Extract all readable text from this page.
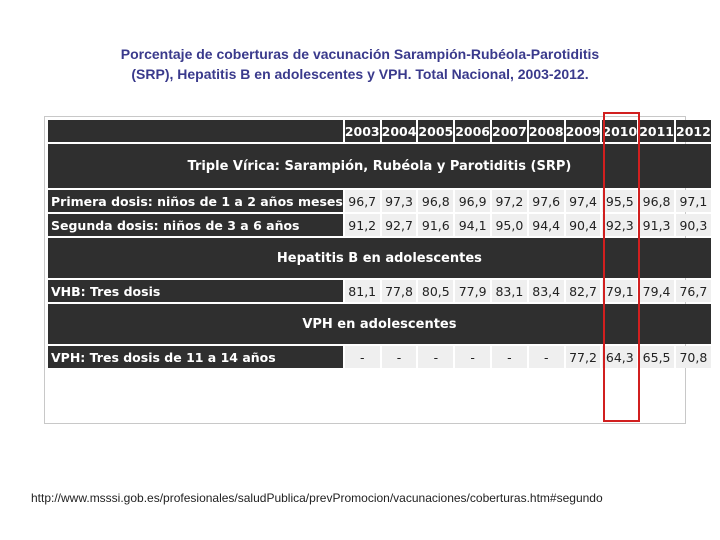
Porcentaje de coberturas de vacunación Sarampión-Rubéola-Parotiditis
(SRP), Hepatitis B en adolescentes y VPH. Total Nacional, 2003-2012.
	2003	2004	2005	2006	2007	2008	2009	2010	2011	2012
Triple Vírica: Sarampión, Rubéola y Parotiditis (SRP)										
Primera dosis: niños de 1 a 2 años meses	96,7	97,3	96,8	96,9	97,2	97,6	97,4	95,5	96,8	97,1
Segunda dosis: niños de 3 a 6 años	91,2	92,7	91,6	94,1	95,0	94,4	90,4	92,3	91,3	90,3
Hepatitis B en adolescentes										
VHB: Tres dosis	81,1	77,8	80,5	77,9	83,1	83,4	82,7	79,1	79,4	76,7
VPH en adolescentes										
VPH: Tres dosis de 11 a 14 años	-	-	-	-	-	-	77,2	64,3	65,5	70,8
http://www.msssi.gob.es/profesionales/saludPublica/prevPromocion/vacunaciones/coberturas.htm#segundo
